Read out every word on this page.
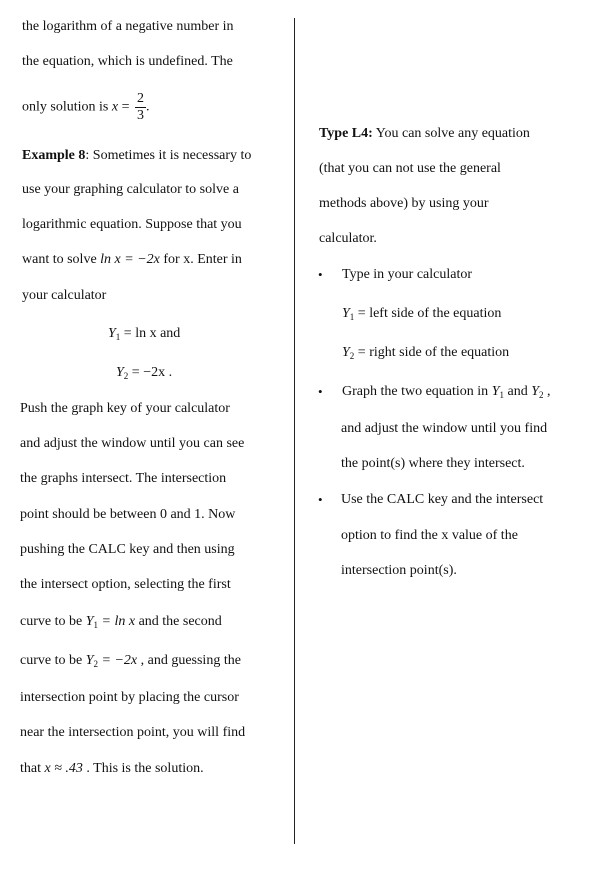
the logarithm of a negative number in
the equation, which is undefined. The
only solution is $x = \frac{2}{3}$ .
Example 8: Sometimes it is necessary to
use your graphing calculator to solve a
logarithmic equation. Suppose that you
want to solve ln x = −2x for x. Enter in
your calculator
$Y_1 = \ln x$ and
$Y_2 = -2x$ .
Push the graph key of your calculator
and adjust the window until you can see
the graphs intersect. The intersection
point should be between 0 and 1. Now
pushing the CALC key and then using
the intersect option, selecting the first
curve to be $Y_1 = \ln x$ and the second
curve to be $Y_2 = -2x$ , and guessing the
intersection point by placing the cursor
near the intersection point, you will find
that x ≈ .43 . This is the solution.
Type L4: You can solve any equation
(that you can not use the general
methods above) by using your
calculator.
• Type in your calculator
$Y_1$ = left side of the equation
$Y_2$ = right side of the equation
• Graph the two equation in $Y_1$ and $Y_2$ ,
and adjust the window until you find
the point(s) where they intersect.
• Use the CALC key and the intersect
option to find the x value of the
intersection point(s).
